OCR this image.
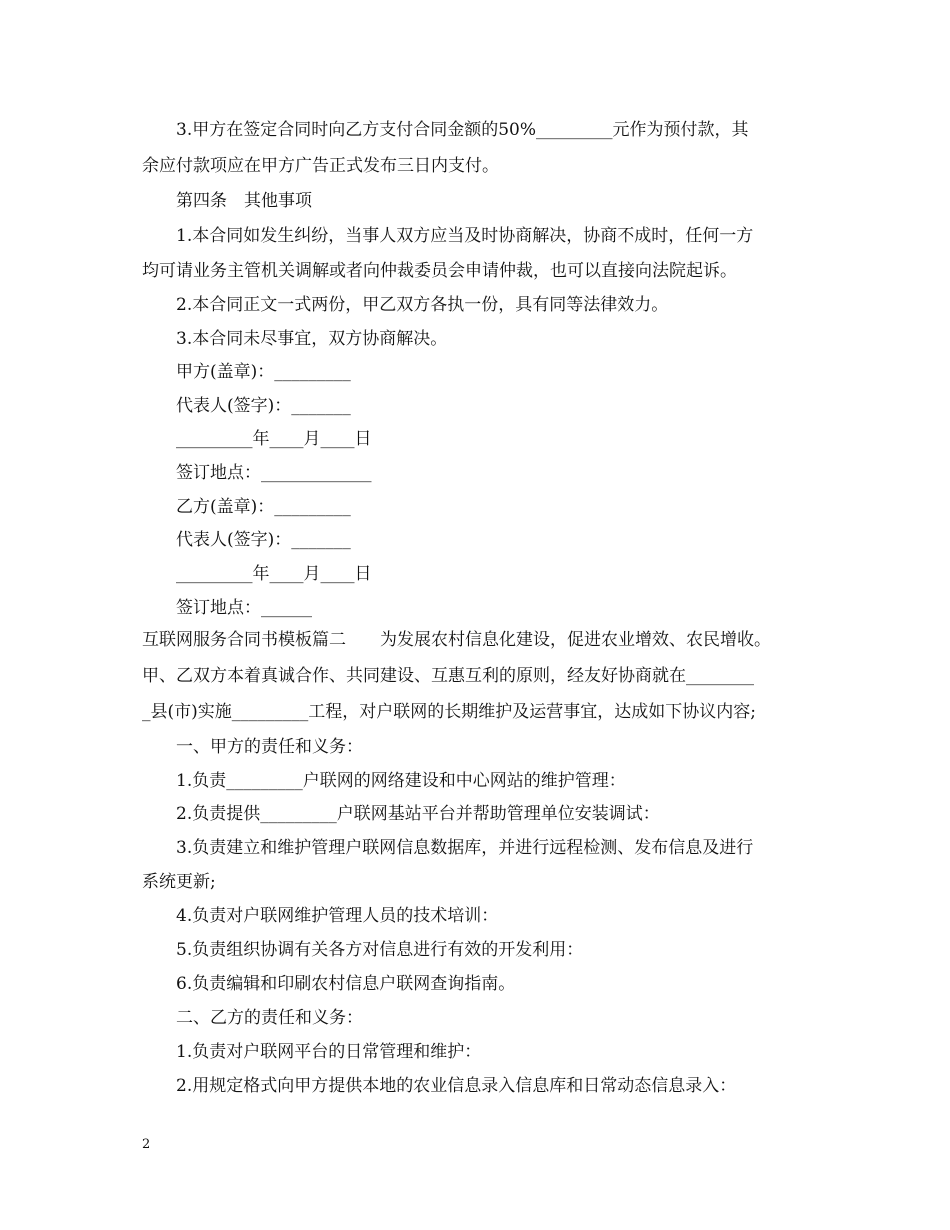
3.甲方在签定合同时向乙方支付合同金额的50%_________元作为预付款，其
余应付款项应在甲方广告正式发布三日内支付。
第四条　其他事项
1.本合同如发生纠纷，当事人双方应当及时协商解决，协商不成时，任何一方
均可请业务主管机关调解或者向仲裁委员会申请仲裁，也可以直接向法院起诉。
2.本合同正文一式两份，甲乙双方各执一份，具有同等法律效力。
3.本合同未尽事宜，双方协商解决。
甲方(盖章)：_________
代表人(签字)：_______
_________年____月____日
签订地点：_____________
乙方(盖章)：_________
代表人(签字)：_______
_________年____月____日
签订地点：______
互联网服务合同书模板篇二　　为发展农村信息化建设，促进农业增效、农民增收。
甲、乙双方本着真诚合作、共同建设、互惠互利的原则，经友好协商就在________
_县(市)实施_________工程，对户联网的长期维护及运营事宜，达成如下协议内容;
一、甲方的责任和义务：
1.负责_________户联网的网络建设和中心网站的维护管理：
2.负责提供_________户联网基站平台并帮助管理单位安装调试：
3.负责建立和维护管理户联网信息数据库，并进行远程检测、发布信息及进行
系统更新;
4.负责对户联网维护管理人员的技术培训：
5.负责组织协调有关各方对信息进行有效的开发利用：
6.负责编辑和印刷农村信息户联网查询指南。
二、乙方的责任和义务：
1.负责对户联网平台的日常管理和维护：
2.用规定格式向甲方提供本地的农业信息录入信息库和日常动态信息录入：
2
